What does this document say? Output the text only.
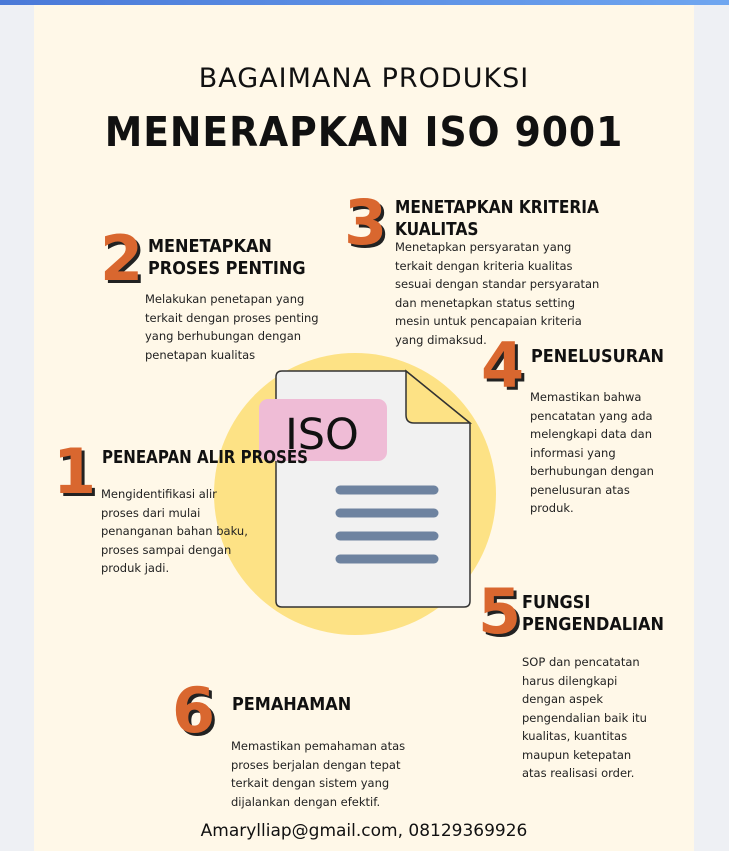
BAGAIMANA PRODUKSI
MENERAPKAN ISO 9001
ISO
2 MENETAPKAN
PROSES PENTING
Melakukan penetapan yang
terkait dengan proses penting
yang berhubungan dengan
penetapan kualitas
3 MENETAPKAN KRITERIA
KUALITAS
Menetapkan persyaratan yang
terkait dengan kriteria kualitas
sesuai dengan standar persyaratan
dan menetapkan status setting
mesin untuk pencapaian kriteria
yang dimaksud.
4 PENELUSURAN
Memastikan bahwa
pencatatan yang ada
melengkapi data dan
informasi yang
berhubungan dengan
penelusuran atas
produk.
1 PENEAPAN ALIR PROSES
Mengidentifikasi alir
proses dari mulai
penanganan bahan baku,
proses sampai dengan
produk jadi.
5 FUNGSI
PENGENDALIAN
SOP dan pencatatan
harus dilengkapi
dengan aspek
pengendalian baik itu
kualitas, kuantitas
maupun ketepatan
atas realisasi order.
6 PEMAHAMAN
Memastikan pemahaman atas
proses berjalan dengan tepat
terkait dengan sistem yang
dijalankan dengan efektif.
Amarylliap@gmail.com, 08129369926
